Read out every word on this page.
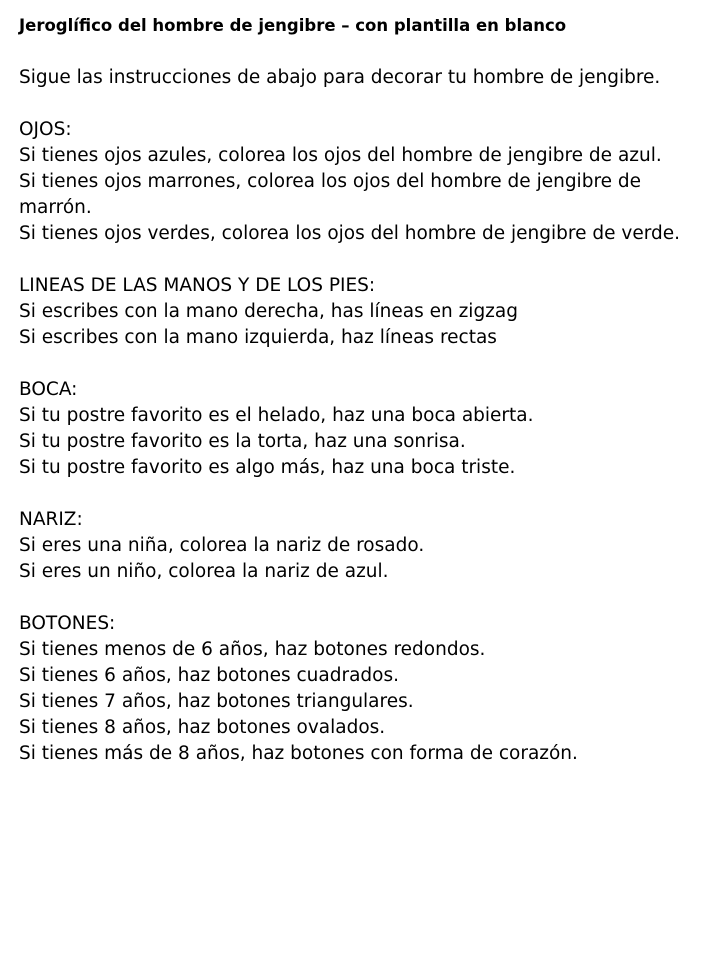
Jeroglífico del hombre de jengibre – con plantilla en blanco

Sigue las instrucciones de abajo para decorar tu hombre de jengibre.

OJOS:

Si tienes ojos azules, colorea los ojos del hombre de jengibre de azul.

Si tienes ojos marrones, colorea los ojos del hombre de jengibre de marrón.

Si tienes ojos verdes, colorea los ojos del hombre de jengibre de verde.

LINEAS DE LAS MANOS Y DE LOS PIES:

Si escribes con la mano derecha, has líneas en zigzag

Si escribes con la mano izquierda, haz líneas rectas

BOCA:

Si tu postre favorito es el helado, haz una boca abierta.

Si tu postre favorito es la torta, haz una sonrisa.

Si tu postre favorito es algo más, haz una boca triste.

NARIZ:

Si eres una niña, colorea la nariz de rosado.

Si eres un niño, colorea la nariz de azul.

BOTONES:

Si tienes menos de 6 años, haz botones redondos.

Si tienes 6 años, haz botones cuadrados.

Si tienes 7 años, haz botones triangulares.

Si tienes 8 años, haz botones ovalados.

Si tienes más de 8 años, haz botones con forma de corazón.
